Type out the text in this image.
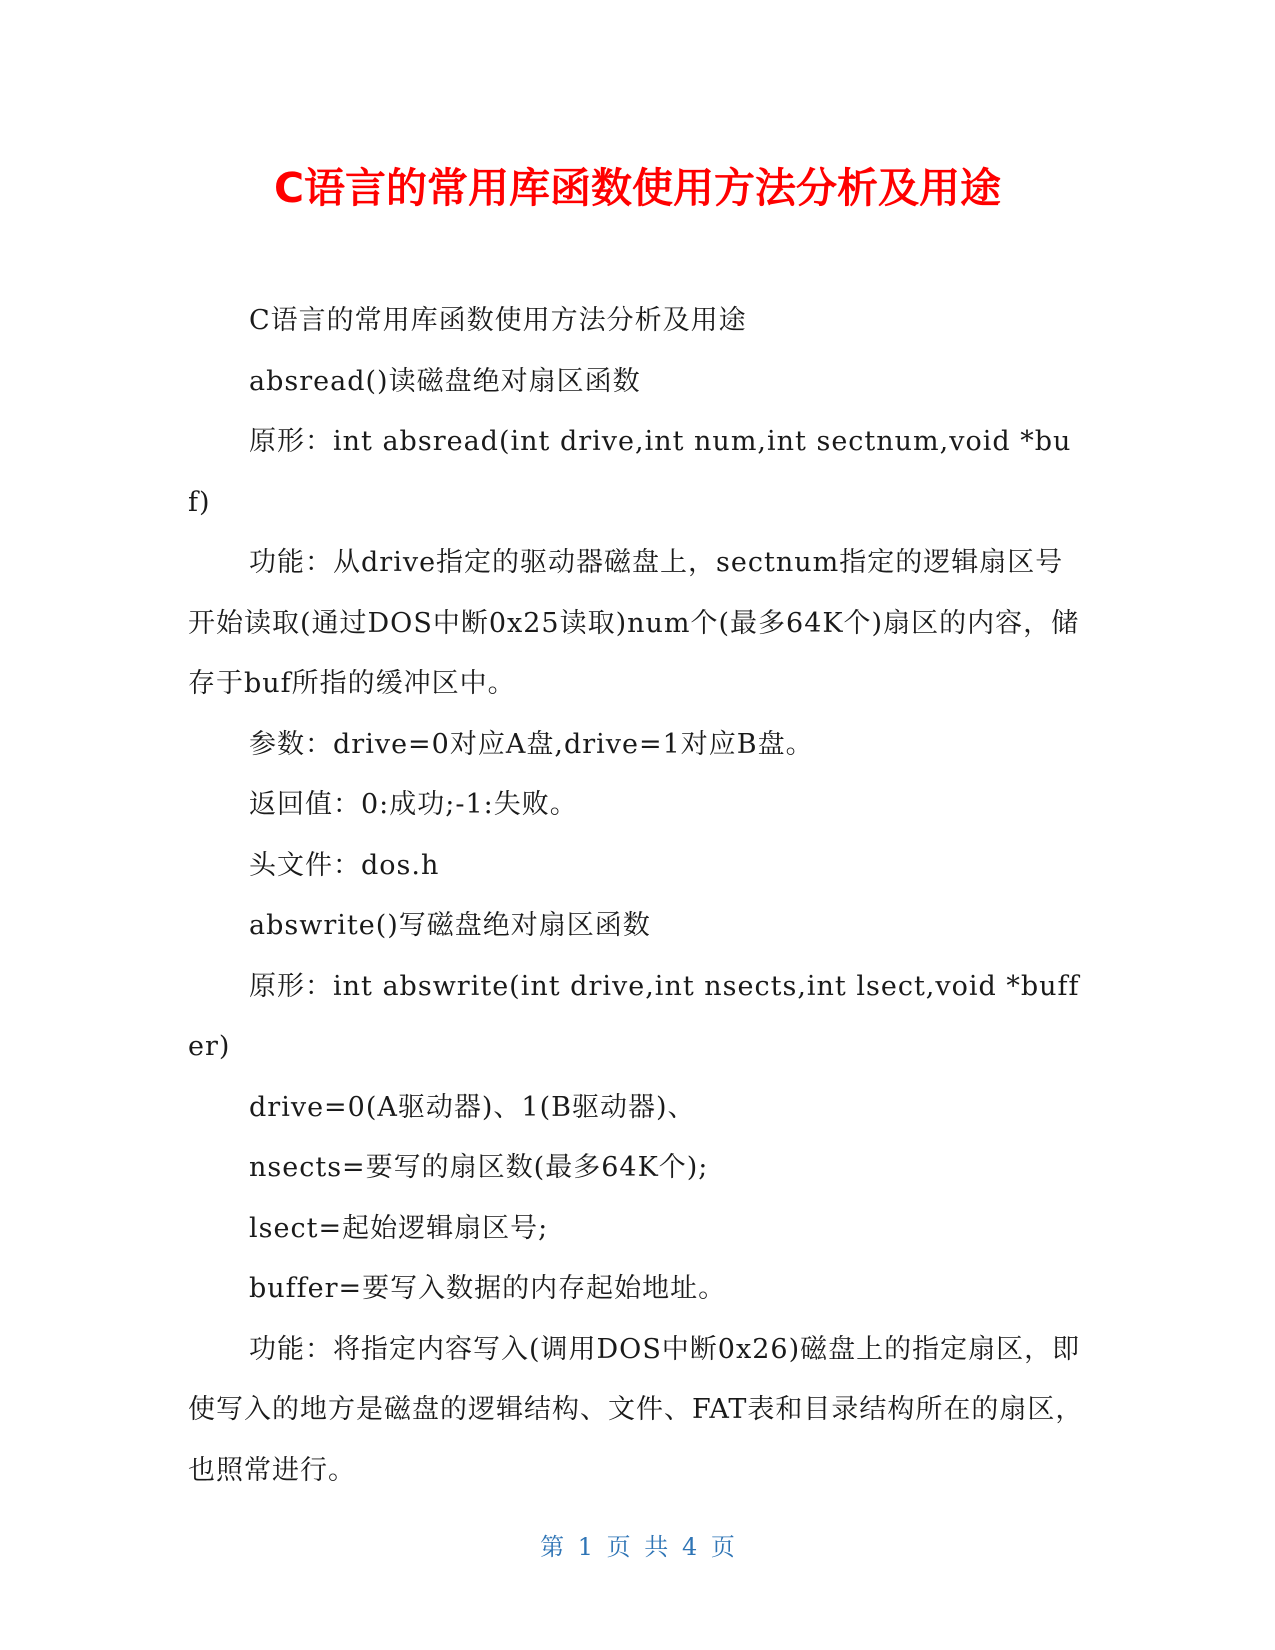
C语言的常用库函数使用方法分析及用途

C语言的常用库函数使用方法分析及用途

absread()读磁盘绝对扇区函数

原形：int absread(int drive,int num,int sectnum,void *buf)

功能：从drive指定的驱动器磁盘上，sectnum指定的逻辑扇区号开始读取(通过DOS中断0x25读取)num个(最多64K个)扇区的内容，储存于buf所指的缓冲区中。

参数：drive=0对应A盘,drive=1对应B盘。

返回值：0:成功;-1:失败。

头文件：dos.h

abswrite()写磁盘绝对扇区函数

原形：int abswrite(int drive,int nsects,int lsect,void *buffer)

drive=0(A驱动器)、1(B驱动器)、

nsects=要写的扇区数(最多64K个);

lsect=起始逻辑扇区号;

buffer=要写入数据的内存起始地址。

功能：将指定内容写入(调用DOS中断0x26)磁盘上的指定扇区，即使写入的地方是磁盘的逻辑结构、文件、FAT表和目录结构所在的扇区，也照常进行。

第 1 页 共 4 页
